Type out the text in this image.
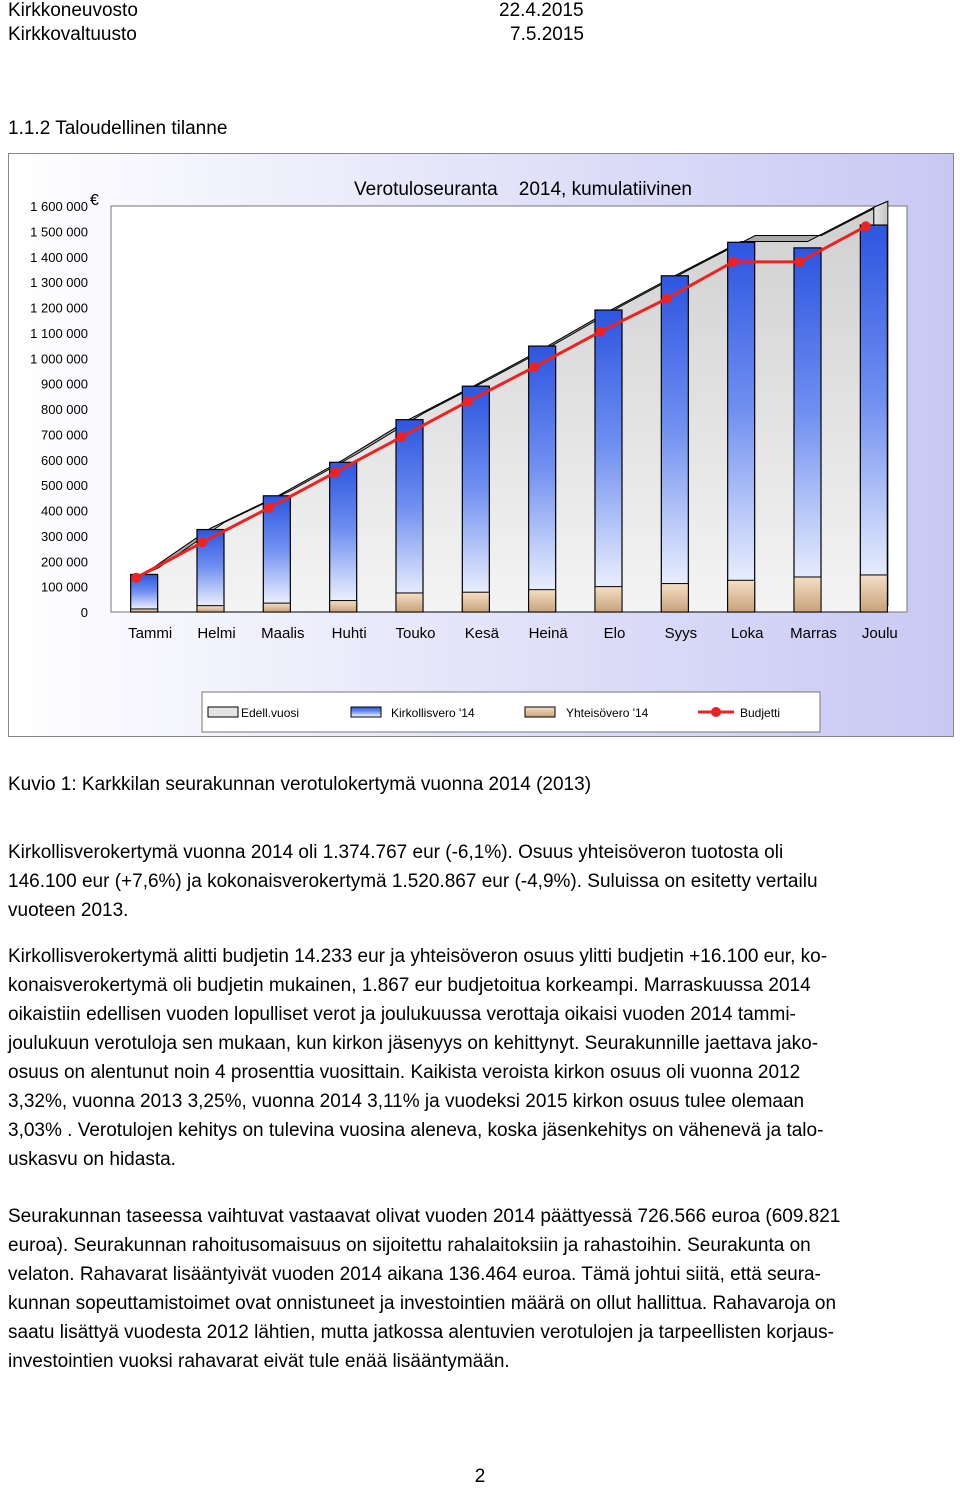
Kirkkoneuvosto	22.4.2015
Kirkkovaltuusto	7.5.2015
1.1.2 Taloudellinen tilanne
Verotuloseuranta    2014, kumulatiivinen
€
0
100 000
200 000
300 000
400 000
500 000
600 000
700 000
800 000
900 000
1 000 000
1 100 000
1 200 000
1 300 000
1 400 000
1 500 000
1 600 000
Tammi Helmi Maalis Huhti Touko Kesä Heinä Elo	Syys Loka Marras Joulu
Edell.vuosi	Kirkollisvero '14	Yhteisövero '14	Budjetti
Kuvio 1: Karkkilan seurakunnan verotulokertymä vuonna 2014 (2013)

Kirkollisverokertymä vuonna 2014 oli 1.374.767 eur (-6,1%). Osuus yhteisöveron tuotosta oli

146.100 eur (+7,6%) ja kokonaisverokertymä 1.520.867 eur (-4,9%). Suluissa on esitetty vertailu

vuoteen 2013.

Kirkollisverokertymä alitti budjetin 14.233 eur ja yhteisöveron osuus ylitti budjetin +16.100 eur, ko-

konaisverokertymä oli budjetin mukainen, 1.867 eur budjetoitua korkeampi. Marraskuussa 2014

oikaistiin edellisen vuoden lopulliset verot ja joulukuussa verottaja oikaisi vuoden 2014 tammi-

joulukuun verotuloja sen mukaan, kun kirkon jäsenyys on kehittynyt. Seurakunnille jaettava jako-

osuus on alentunut noin 4 prosenttia vuosittain. Kaikista veroista kirkon osuus oli vuonna 2012

3,32%, vuonna 2013 3,25%, vuonna 2014 3,11% ja vuodeksi 2015 kirkon osuus tulee olemaan

3,03% . Verotulojen kehitys on tulevina vuosina aleneva, koska jäsenkehitys on vähenevä ja talo-

uskasvu on hidasta.

Seurakunnan taseessa vaihtuvat vastaavat olivat vuoden 2014 päättyessä 726.566 euroa (609.821

euroa). Seurakunnan rahoitusomaisuus on sijoitettu rahalaitoksiin ja rahastoihin. Seurakunta on

velaton. Rahavarat lisääntyivät vuoden 2014 aikana 136.464 euroa. Tämä johtui siitä, että seura-

kunnan sopeuttamistoimet ovat onnistuneet ja investointien määrä on ollut hallittua. Rahavaroja on

saatu lisättyä vuodesta 2012 lähtien, mutta jatkossa alentuvien verotulojen ja tarpeellisten korjaus-

investointien vuoksi rahavarat eivät tule enää lisääntymään.

2
